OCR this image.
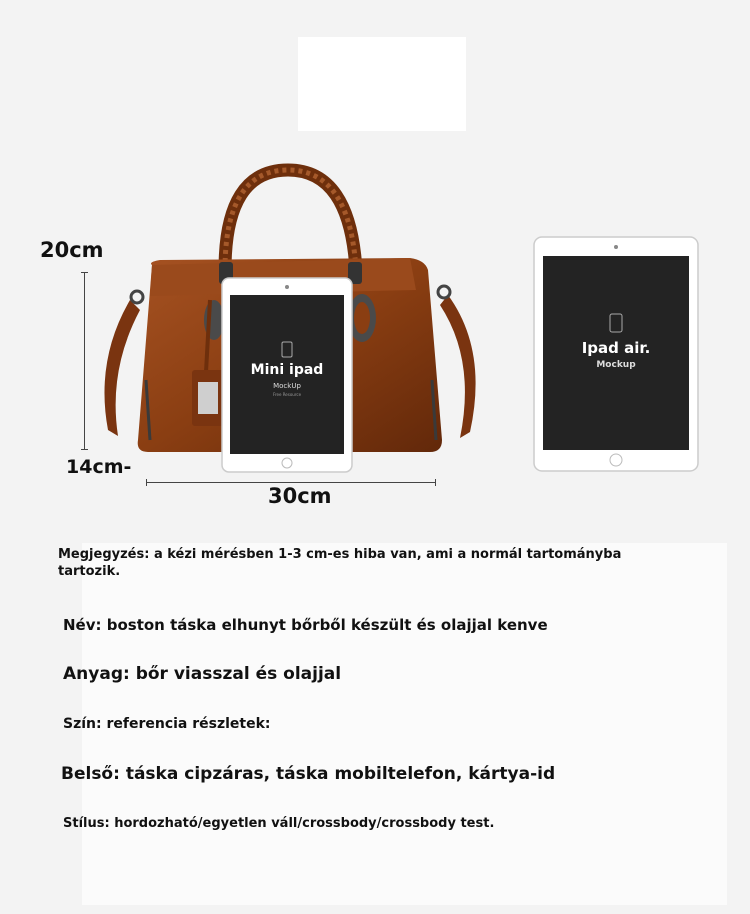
20cm
14cm-
30cm
Mini ipad
MockUp
Free Resource
Ipad air.
Mockup

Megjegyzés: a kézi mérésben 1-3 cm-es hiba van, ami a normál tartományba tartozik.

Név: boston táska elhunyt bőrből készült és olajjal kenve

Anyag: bőr viasszal és olajjal

Szín: referencia részletek:

Belső: táska cipzáras, táska mobiltelefon, kártya-id

Stílus: hordozható/egyetlen váll/crossbody/crossbody test.
